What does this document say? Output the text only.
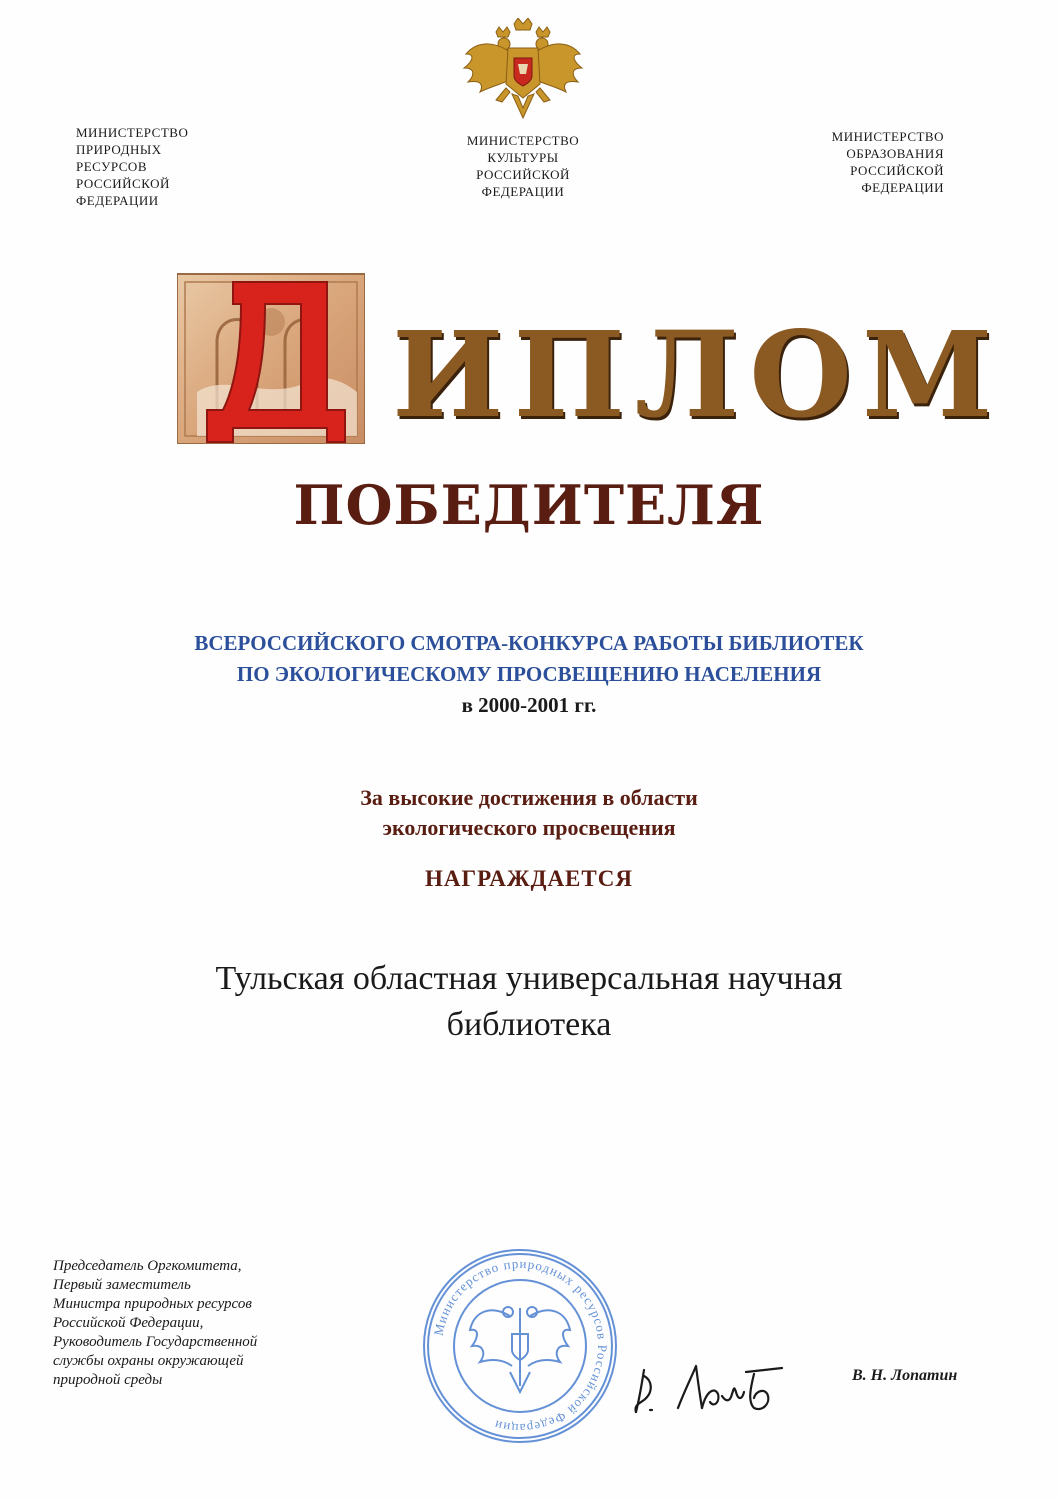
МИНИСТЕРСТВО
ПРИРОДНЫХ
РЕСУРСОВ
РОССИЙСКОЙ
ФЕДЕРАЦИИ
МИНИСТЕРСТВО
КУЛЬТУРЫ
РОССИЙСКОЙ
ФЕДЕРАЦИИ
МИНИСТЕРСТВО
ОБРАЗОВАНИЯ
РОССИЙСКОЙ
ФЕДЕРАЦИИ
ИПЛОМ
ПОБЕДИТЕЛЯ
ВСЕРОССИЙСКОГО СМОТРА-КОНКУРСА РАБОТЫ БИБЛИОТЕК
ПО ЭКОЛОГИЧЕСКОМУ ПРОСВЕЩЕНИЮ НАСЕЛЕНИЯ
в 2000-2001 гг.
За высокие достижения в области
экологического просвещения
НАГРАЖДАЕТСЯ
Тульская областная универсальная научная
библиотека
Председатель Оргкомитета,
Первый заместитель
Министра природных ресурсов
Российской Федерации,
Руководитель Государственной
службы охраны окружающей
природной среды
Министерство природных ресурсов Российской Федерации
В. Н. Лопатин
